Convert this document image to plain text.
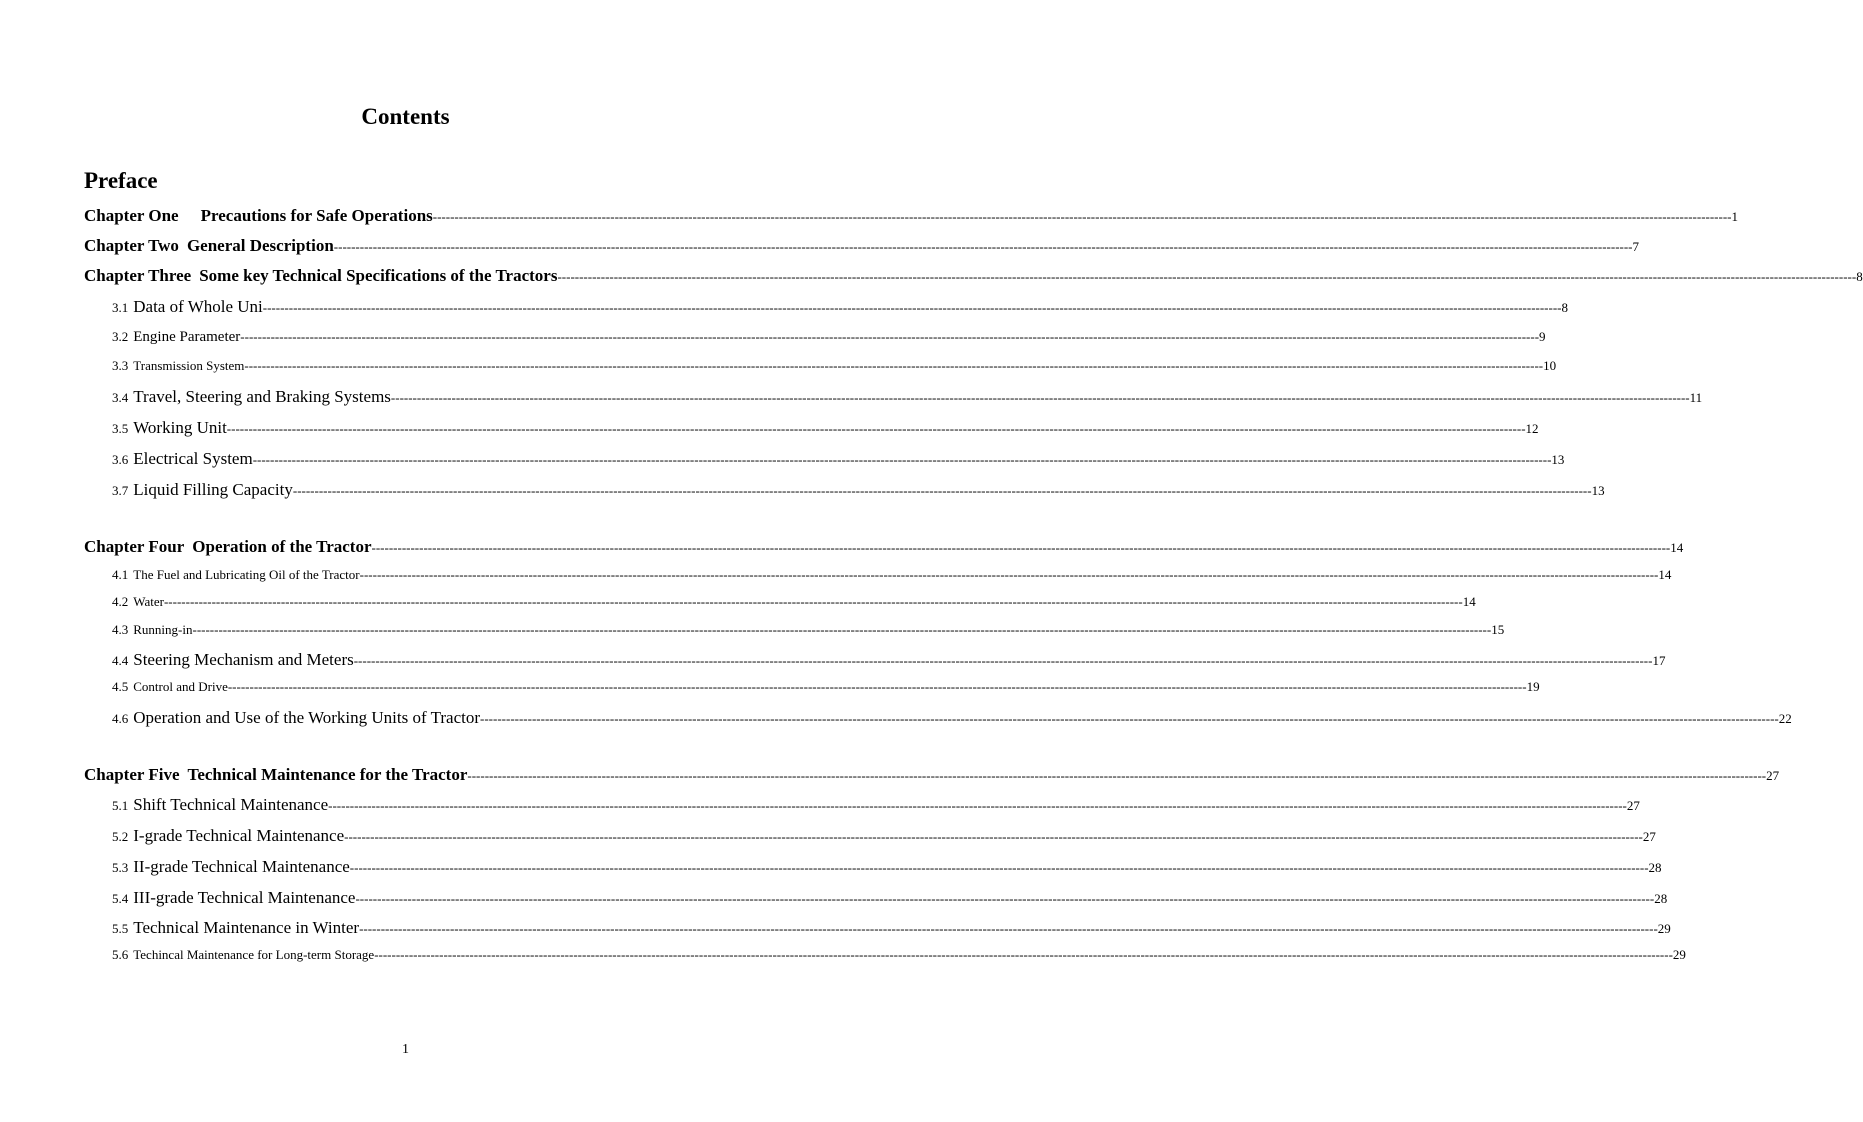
Contents
Preface
Chapter One Precautions for Safe Operations ------------------------------------------------------------------------------------------------------------------------------------------------------------------------------------------------------------------------------------------------------------------------------------------------------------ 1
Chapter Two General Description ------------------------------------------------------------------------------------------------------------------------------------------------------------------------------------------------------------------------------------------------------------------------------------------------------------ 7
Chapter Three Some key Technical Specifications of the Tractors ------------------------------------------------------------------------------------------------------------------------------------------------------------------------------------------------------------------------------------------------------------------------------------------------------------ 8
3.1 Data of Whole Uni ------------------------------------------------------------------------------------------------------------------------------------------------------------------------------------------------------------------------------------------------------------------------------------------------------------ 8
3.2 Engine Parameter ------------------------------------------------------------------------------------------------------------------------------------------------------------------------------------------------------------------------------------------------------------------------------------------------------------ 9
3.3 Transmission System ------------------------------------------------------------------------------------------------------------------------------------------------------------------------------------------------------------------------------------------------------------------------------------------------------------ 10
3.4 Travel, Steering and Braking Systems ------------------------------------------------------------------------------------------------------------------------------------------------------------------------------------------------------------------------------------------------------------------------------------------------------------ 11
3.5 Working Unit ------------------------------------------------------------------------------------------------------------------------------------------------------------------------------------------------------------------------------------------------------------------------------------------------------------ 12
3.6 Electrical System ------------------------------------------------------------------------------------------------------------------------------------------------------------------------------------------------------------------------------------------------------------------------------------------------------------ 13
3.7 Liquid Filling Capacity ------------------------------------------------------------------------------------------------------------------------------------------------------------------------------------------------------------------------------------------------------------------------------------------------------------ 13
Chapter Four Operation of the Tractor ------------------------------------------------------------------------------------------------------------------------------------------------------------------------------------------------------------------------------------------------------------------------------------------------------------ 14
4.1 The Fuel and Lubricating Oil of the Tractor ------------------------------------------------------------------------------------------------------------------------------------------------------------------------------------------------------------------------------------------------------------------------------------------------------------ 14
4.2 Water ------------------------------------------------------------------------------------------------------------------------------------------------------------------------------------------------------------------------------------------------------------------------------------------------------------ 14
4.3 Running-in ------------------------------------------------------------------------------------------------------------------------------------------------------------------------------------------------------------------------------------------------------------------------------------------------------------ 15
4.4 Steering Mechanism and Meters ------------------------------------------------------------------------------------------------------------------------------------------------------------------------------------------------------------------------------------------------------------------------------------------------------------ 17
4.5 Control and Drive ------------------------------------------------------------------------------------------------------------------------------------------------------------------------------------------------------------------------------------------------------------------------------------------------------------ 19
4.6 Operation and Use of the Working Units of Tractor ------------------------------------------------------------------------------------------------------------------------------------------------------------------------------------------------------------------------------------------------------------------------------------------------------------ 22
Chapter Five Technical Maintenance for the Tractor ------------------------------------------------------------------------------------------------------------------------------------------------------------------------------------------------------------------------------------------------------------------------------------------------------------ 27
5.1 Shift Technical Maintenance ------------------------------------------------------------------------------------------------------------------------------------------------------------------------------------------------------------------------------------------------------------------------------------------------------------ 27
5.2 I-grade Technical Maintenance ------------------------------------------------------------------------------------------------------------------------------------------------------------------------------------------------------------------------------------------------------------------------------------------------------------ 27
5.3 II-grade Technical Maintenance ------------------------------------------------------------------------------------------------------------------------------------------------------------------------------------------------------------------------------------------------------------------------------------------------------------ 28
5.4 III-grade Technical Maintenance ------------------------------------------------------------------------------------------------------------------------------------------------------------------------------------------------------------------------------------------------------------------------------------------------------------ 28
5.5 Technical Maintenance in Winter ------------------------------------------------------------------------------------------------------------------------------------------------------------------------------------------------------------------------------------------------------------------------------------------------------------ 29
5.6 Techincal Maintenance for Long-term Storage ------------------------------------------------------------------------------------------------------------------------------------------------------------------------------------------------------------------------------------------------------------------------------------------------------------ 29
1
